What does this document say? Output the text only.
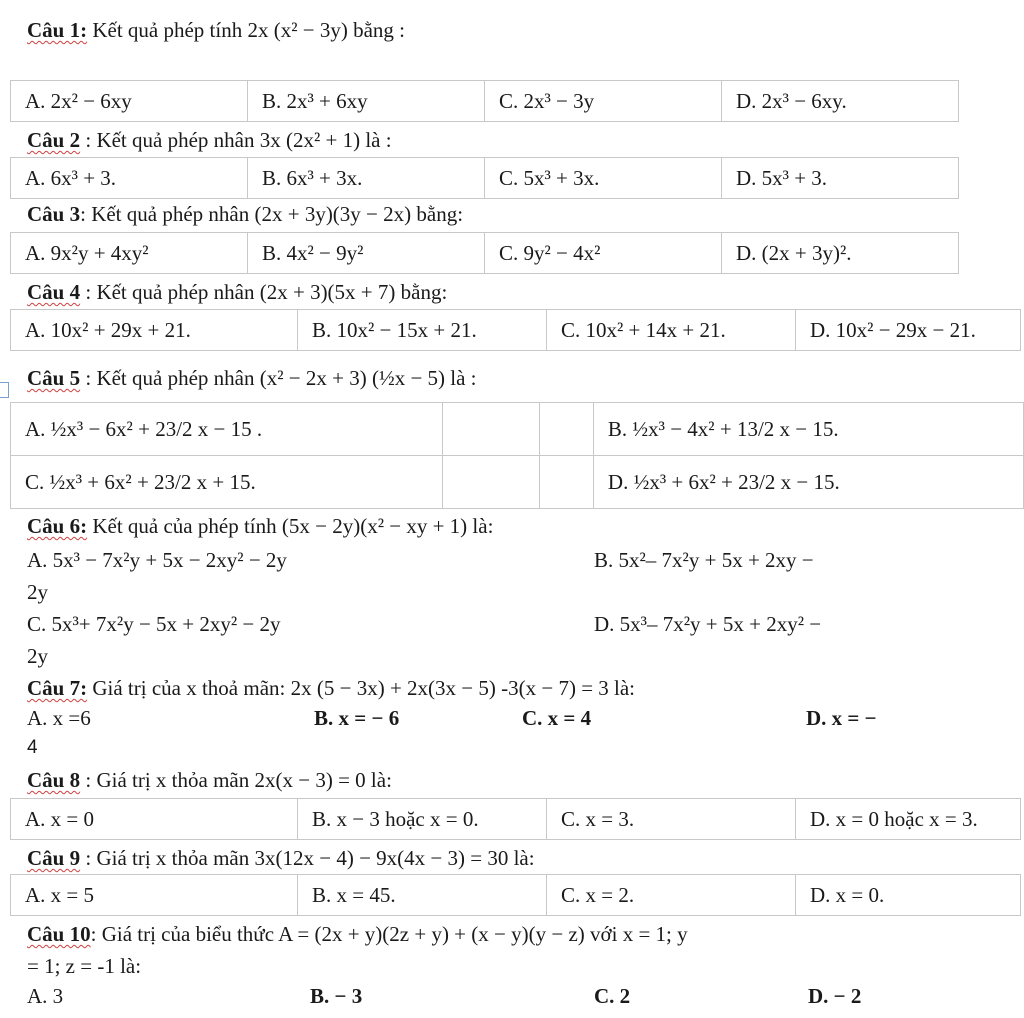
Câu 1: Kết quả phép tính 2x (x² − 3y) bằng :
A. 2x² − 6xy	B. 2x³ + 6xy	C. 2x³ − 3y	D. 2x³ − 6xy.
Câu 2 : Kết quả phép nhân 3x (2x² + 1) là :
A. 6x³ + 3.	B. 6x³ + 3x.	C. 5x³ + 3x.	D. 5x³ + 3.
Câu 3: Kết quả phép nhân (2x + 3y)(3y − 2x) bằng:
A. 9x²y + 4xy²	B. 4x² − 9y²	C. 9y² − 4x²	D. (2x + 3y)².
Câu 4 : Kết quả phép nhân (2x + 3)(5x + 7) bằng:
A. 10x² + 29x + 21.	B. 10x² − 15x + 21.	C. 10x² + 14x + 21.	D. 10x² − 29x − 21.
Câu 5 : Kết quả phép nhân (x² − 2x + 3) (½x − 5) là :
A. ½x³ − 6x² + 23/2 x − 15 .			B. ½x³ − 4x² + 13/2 x − 15.
C. ½x³ + 6x² + 23/2 x + 15.			D. ½x³ + 6x² + 23/2 x − 15.
Câu 6: Kết quả của phép tính (5x − 2y)(x² − xy + 1) là:
A. 5x³ − 7x²y + 5x − 2xy² − 2y	B. 5x²– 7x²y + 5x + 2xy −
2y
C. 5x³+ 7x²y − 5x + 2xy² − 2y	D. 5x³– 7x²y + 5x + 2xy² −
2y
Câu 7: Giá trị của x thoả mãn: 2x (5 − 3x) + 2x(3x − 5) -3(x − 7) = 3 là:
A. x =6	B. x = − 6	C. x = 4	D. x = −
4
Câu 8 : Giá trị x thỏa mãn 2x(x − 3) = 0 là:
A. x = 0	B. x − 3 hoặc x = 0.	C. x = 3.	D. x = 0 hoặc x = 3.
Câu 9 : Giá trị x thỏa mãn 3x(12x − 4) − 9x(4x − 3) = 30 là:
A. x = 5	B. x = 45.	C. x = 2.	D. x = 0.
Câu 10: Giá trị của biểu thức A = (2x + y)(2z + y) + (x − y)(y − z) với x = 1; y
= 1; z = -1 là:
A. 3	B. − 3	C. 2	D. − 2
